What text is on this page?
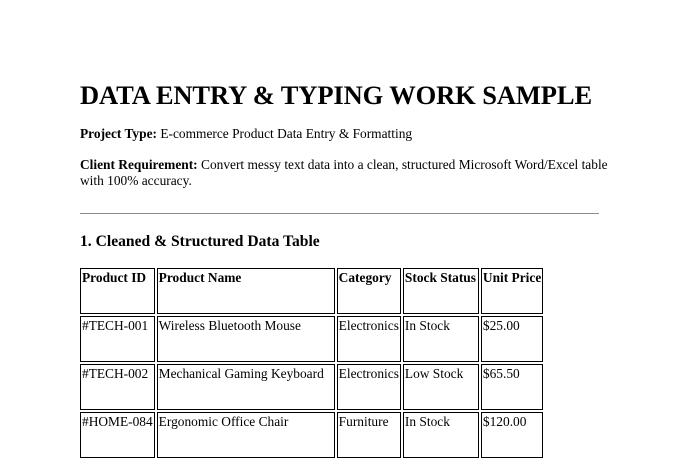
DATA ENTRY & TYPING WORK SAMPLE

Project Type: E-commerce Product Data Entry & Formatting

Client Requirement: Convert messy text data into a clean, structured Microsoft Word/Excel table with 100% accuracy.

1. Cleaned & Structured Data Table
Product ID	Product Name	Category	Stock Status	Unit Price
#TECH-001	Wireless Bluetooth Mouse	Electronics	In Stock	$25.00
#TECH-002	Mechanical Gaming Keyboard	Electronics	Low Stock	$65.50
#HOME-084	Ergonomic Office Chair	Furniture	In Stock	$120.00
